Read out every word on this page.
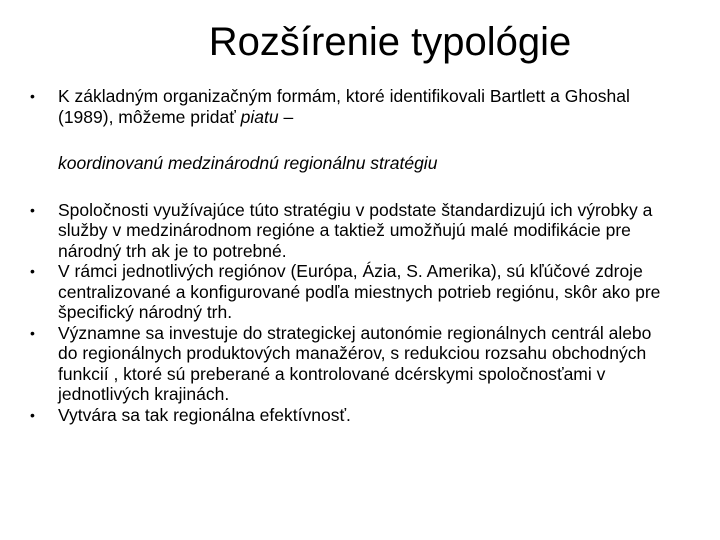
Rozšírenie typológie
•	K základným organizačným formám, ktoré identifikovali Bartlett a Ghoshal (1989), môžeme pridať piatu –
koordinovanú medzinárodnú regionálnu stratégiu
•	Spoločnosti využívajúce túto stratégiu v podstate štandardizujú ich výrobky a služby v medzinárodnom regióne a taktiež umožňujú malé modifikácie pre národný trh ak je to potrebné.
•	V rámci jednotlivých regiónov (Európa, Ázia, S. Amerika), sú kľúčové zdroje centralizované a konfigurované podľa miestnych potrieb regiónu, skôr ako pre špecifický národný trh.
•	Významne sa investuje do strategickej autonómie regionálnych centrál alebo do regionálnych produktových manažérov, s redukciou rozsahu obchodných funkcií , ktoré sú preberané a kontrolované dcérskymi spoločnosťami v jednotlivých krajinách.
•	Vytvára sa tak regionálna efektívnosť.
